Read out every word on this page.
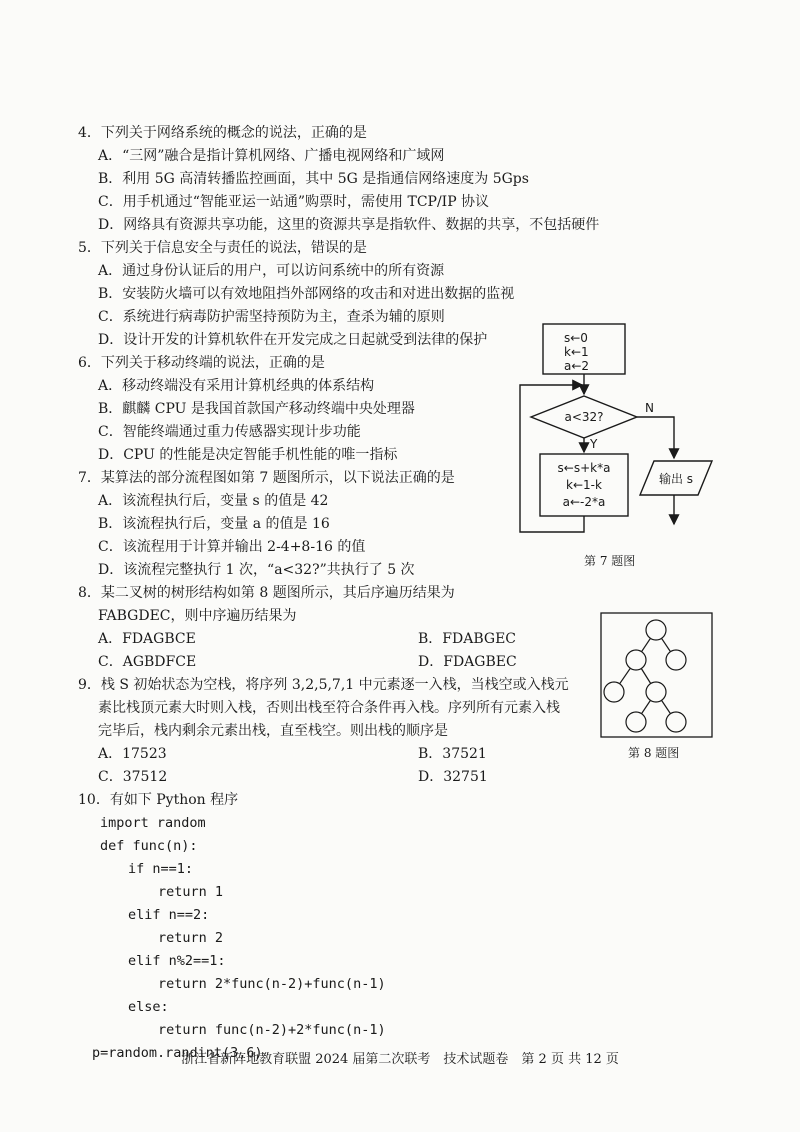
4．下列关于网络系统的概念的说法，正确的是
A．“三网”融合是指计算机网络、广播电视网络和广域网
B．利用 5G 高清转播监控画面，其中 5G 是指通信网络速度为 5Gps
C．用手机通过“智能亚运一站通”购票时，需使用 TCP/IP 协议
D．网络具有资源共享功能，这里的资源共享是指软件、数据的共享，不包括硬件
5．下列关于信息安全与责任的说法，错误的是
A．通过身份认证后的用户，可以访问系统中的所有资源
B．安装防火墙可以有效地阻挡外部网络的攻击和对进出数据的监视
C．系统进行病毒防护需坚持预防为主，查杀为辅的原则
D．设计开发的计算机软件在开发完成之日起就受到法律的保护
6．下列关于移动终端的说法，正确的是
A．移动终端没有采用计算机经典的体系结构
B．麒麟 CPU 是我国首款国产移动终端中央处理器
C．智能终端通过重力传感器实现计步功能
D．CPU 的性能是决定智能手机性能的唯一指标
7．某算法的部分流程图如第 7 题图所示，以下说法正确的是
A．该流程执行后，变量 s 的值是 42
B．该流程执行后，变量 a 的值是 16
C．该流程用于计算并输出 2-4+8-16 的值
D．该流程完整执行 1 次，“a<32?”共执行了 5 次
8．某二叉树的树形结构如第 8 题图所示，其后序遍历结果为
FABGDEC，则中序遍历结果为
A．FDAGBCE	B．FDABGEC
C．AGBDFCE	D．FDAGBEC
9．栈 S 初始状态为空栈，将序列 3,2,5,7,1 中元素逐一入栈，当栈空或入栈元
素比栈顶元素大时则入栈，否则出栈至符合条件再入栈。序列所有元素入栈
完毕后，栈内剩余元素出栈，直至栈空。则出栈的顺序是
A．17523	B．37521
C．37512	D．32751
10．有如下 Python 程序
import random
def func(n):
if n==1:
return 1
elif n==2:
return 2
elif n%2==1:
return 2*func(n-2)+func(n-1)
else:
return func(n-2)+2*func(n-1)
p=random.randint(3,6)
s←0
k←1
a←2
a<32?
N
Y
s←s+k*a
k←1-k
a←-2*a
输出 s
第 7 题图
第 8 题图
浙江省新阵地教育联盟 2024 届第二次联考　技术试题卷　第 2 页 共 12 页
